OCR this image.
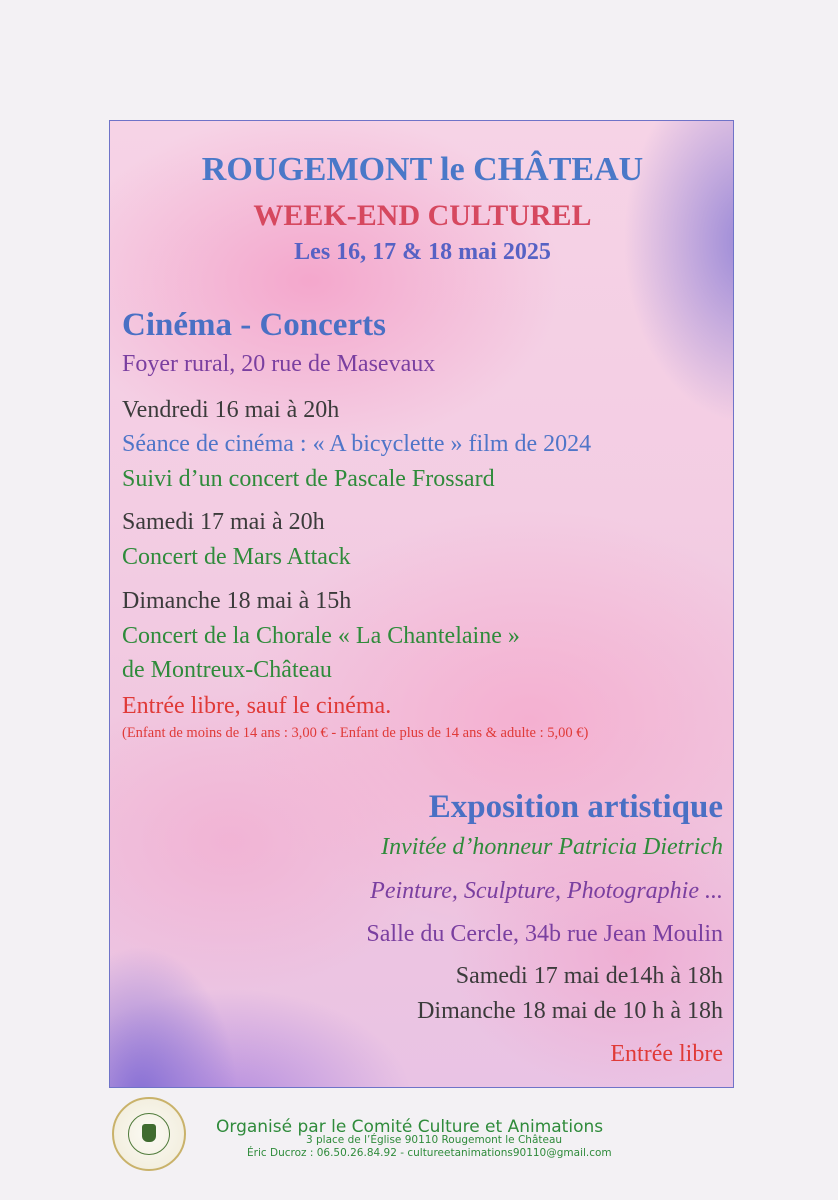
ROUGEMONT le CHÂTEAU

WEEK-END CULTUREL

Les 16, 17 & 18 mai 2025

Cinéma - Concerts

Foyer rural, 20 rue de Masevaux

Vendredi 16 mai à 20h

Séance de cinéma : « A bicyclette » film de 2024

Suivi d’un concert de Pascale Frossard

Samedi 17 mai à 20h

Concert de Mars Attack

Dimanche 18 mai à 15h

Concert de la Chorale « La Chantelaine »

de Montreux-Château

Entrée libre, sauf le cinéma.

(Enfant de moins de 14 ans : 3,00 € - Enfant de plus de 14 ans & adulte : 5,00 €)

Exposition artistique

Invitée d’honneur Patricia Dietrich

Peinture, Sculpture, Photographie ...

Salle du Cercle, 34b rue Jean Moulin

Samedi 17 mai de14h à 18h

Dimanche 18 mai de 10 h à 18h

Entrée libre

Organisé par le Comité Culture et Animations

3 place de l’Église 90110 Rougemont le Château

Éric Ducroz : 06.50.26.84.92 - cultureetanimations90110@gmail.com
